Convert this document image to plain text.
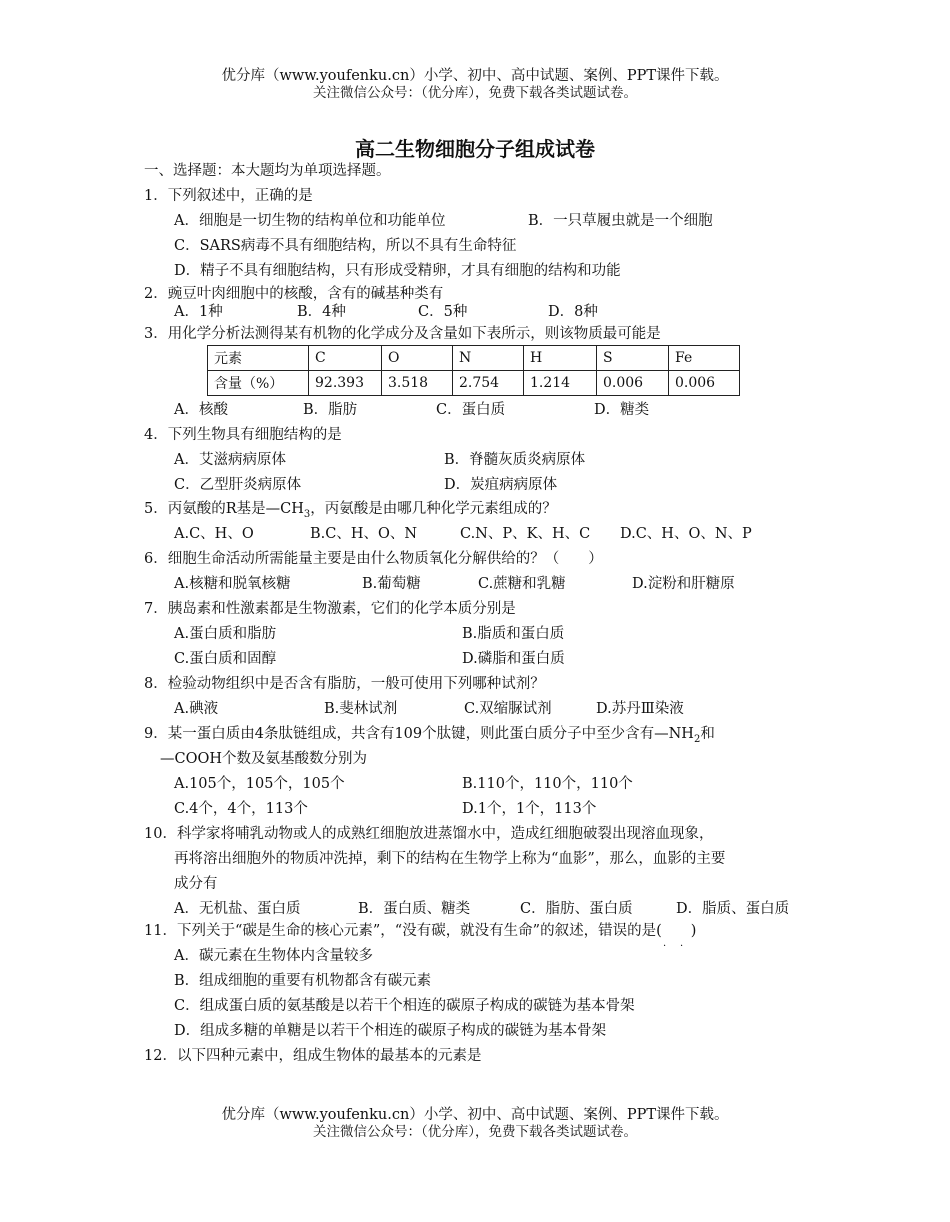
优分库（www.youfenku.cn）小学、初中、高中试题、案例、PPT课件下载。
关注微信公众号：（优分库），免费下载各类试题试卷。
高二生物细胞分子组成试卷
一、选择题：本大题均为单项选择题。
1．下列叙述中，正确的是
A．细胞是一切生物的结构单位和功能单位	B．一只草履虫就是一个细胞
C．SARS病毒不具有细胞结构，所以不具有生命特征
D．精子不具有细胞结构，只有形成受精卵，才具有细胞的结构和功能
2．豌豆叶肉细胞中的核酸，含有的碱基种类有
A．1种	B．4种	C．5种	D．8种
3．用化学分析法测得某有机物的化学成分及含量如下表所示，则该物质最可能是
元素	C	O	N	H	S	Fe
含量（%）	92.393	3.518	2.754	1.214	0.006	0.006
A．核酸	B．脂肪	C．蛋白质	D．糖类
4．下列生物具有细胞结构的是
A．艾滋病病原体	B．脊髓灰质炎病原体
C．乙型肝炎病原体	D．炭疽病病原体
5．丙氨酸的R基是$—CH_3$，丙氨酸是由哪几种化学元素组成的？
A.C、H、O	B.C、H、O、N	C.N、P、K、H、C D.C、H、O、N、P
6．细胞生命活动所需能量主要是由什么物质氧化分解供给的？（　　）
A.核糖和脱氧核糖	B.葡萄糖	C.蔗糖和乳糖	D.淀粉和肝糖原
7．胰岛素和性激素都是生物激素，它们的化学本质分别是
A.蛋白质和脂肪	B.脂质和蛋白质
C.蛋白质和固醇	D.磷脂和蛋白质
8．检验动物组织中是否含有脂肪，一般可使用下列哪种试剂？
A.碘液	B.斐林试剂	C.双缩脲试剂	D.苏丹Ⅲ染液
9．某一蛋白质由4条肽链组成，共含有109个肽键，则此蛋白质分子中至少含有$—NH_2$和
—COOH个数及氨基酸数分别为
A.105个，105个，105个	B.110个，110个，110个
C.4个，4个，113个	D.1个，1个，113个
10．科学家将哺乳动物或人的成熟红细胞放进蒸馏水中，造成红细胞破裂出现溶血现象，
再将溶出细胞外的物质冲洗掉，剩下的结构在生物学上称为“血影”，那么，血影的主要
成分有
A．无机盐、蛋白质	B．蛋白质、糖类	C．脂肪、蛋白质	D．脂质、蛋白质
11．下列关于“碳是生命的核心元素”，“没有碳，就没有生命”的叙述，错误的是(　　)
· ·
A．碳元素在生物体内含量较多
B．组成细胞的重要有机物都含有碳元素
C．组成蛋白质的氨基酸是以若干个相连的碳原子构成的碳链为基本骨架
D．组成多糖的单糖是以若干个相连的碳原子构成的碳链为基本骨架
12．以下四种元素中，组成生物体的最基本的元素是
优分库（www.youfenku.cn）小学、初中、高中试题、案例、PPT课件下载。
关注微信公众号：（优分库），免费下载各类试题试卷。
